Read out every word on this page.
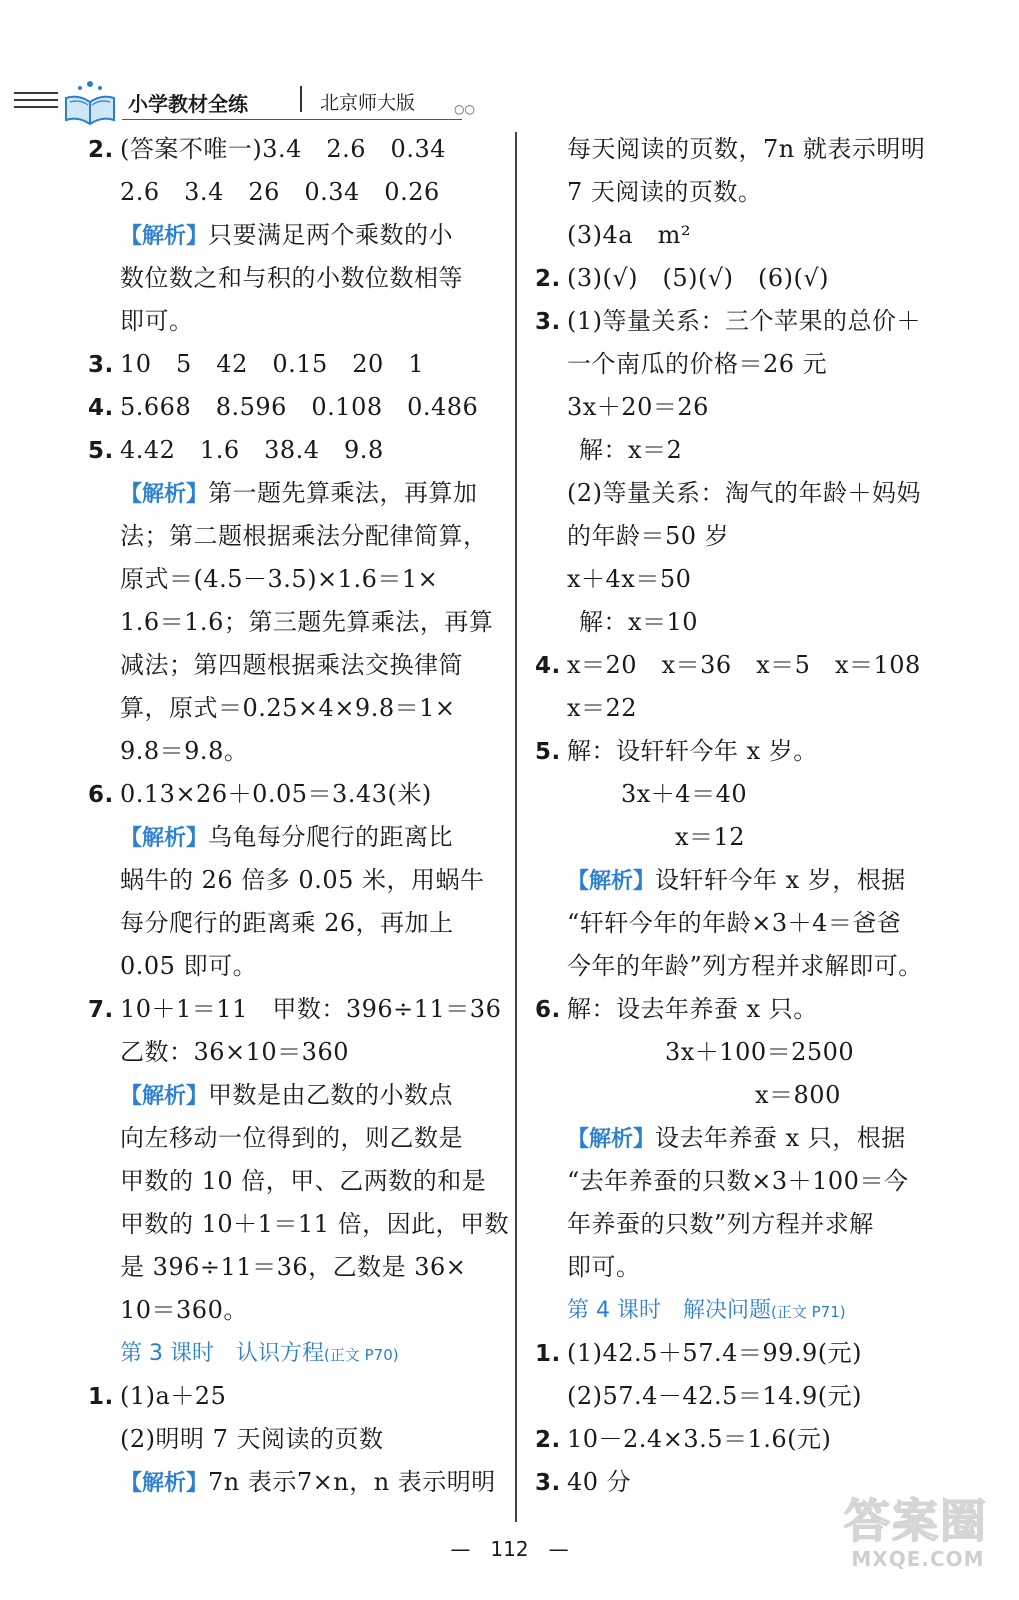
小学教材全练	北京师大版	○○
2. (答案不唯一)3.4　2.6　0.34
2.6　3.4　26　0.34　0.26
【解析】只要满足两个乘数的小
数位数之和与积的小数位数相等
即可。
3. 10　5　42　0.15　20　1
4. 5.668　8.596　0.108　0.486
5. 4.42　1.6　38.4　9.8
【解析】第一题先算乘法，再算加
法；第二题根据乘法分配律简算，
原式＝(4.5－3.5)×1.6＝1×
1.6＝1.6；第三题先算乘法，再算
减法；第四题根据乘法交换律简
算，原式＝0.25×4×9.8＝1×
9.8＝9.8。
6. 0.13×26＋0.05＝3.43(米)
【解析】乌龟每分爬行的距离比
蜗牛的 26 倍多 0.05 米，用蜗牛
每分爬行的距离乘 26，再加上
0.05 即可。
7. 10＋1＝11　甲数：396÷11＝36
乙数：36×10＝360
【解析】甲数是由乙数的小数点
向左移动一位得到的，则乙数是
甲数的 10 倍，甲、乙两数的和是
甲数的 10＋1＝11 倍，因此，甲数
是 396÷11＝36，乙数是 36×
10＝360。
第 3 课时　认识方程(正文 P70)
1. (1)a＋25
(2)明明 7 天阅读的页数
【解析】7n 表示7×n，n 表示明明
每天阅读的页数，7n 就表示明明
7 天阅读的页数。
(3)4a　m²
2. (3)(√)　(5)(√)　(6)(√)
3. (1)等量关系：三个苹果的总价＋
一个南瓜的价格＝26 元
3x＋20＝26
解：x＝2
(2)等量关系：淘气的年龄＋妈妈
的年龄＝50 岁
x＋4x＝50
解：x＝10
4. x＝20　x＝36　x＝5　x＝108
x＝22
5. 解：设轩轩今年 x 岁。
3x＋4＝40
x＝12
【解析】设轩轩今年 x 岁，根据
“轩轩今年的年龄×3＋4＝爸爸
今年的年龄”列方程并求解即可。
6. 解：设去年养蚕 x 只。
3x＋100＝2500
x＝800
【解析】设去年养蚕 x 只，根据
“去年养蚕的只数×3＋100＝今
年养蚕的只数”列方程并求解
即可。
第 4 课时　解决问题(正文 P71)
1. (1)42.5＋57.4＝99.9(元)
(2)57.4－42.5＝14.9(元)
2. 10－2.4×3.5＝1.6(元)
3. 40 分
—　112　—
答案圈
MXQE.COM
